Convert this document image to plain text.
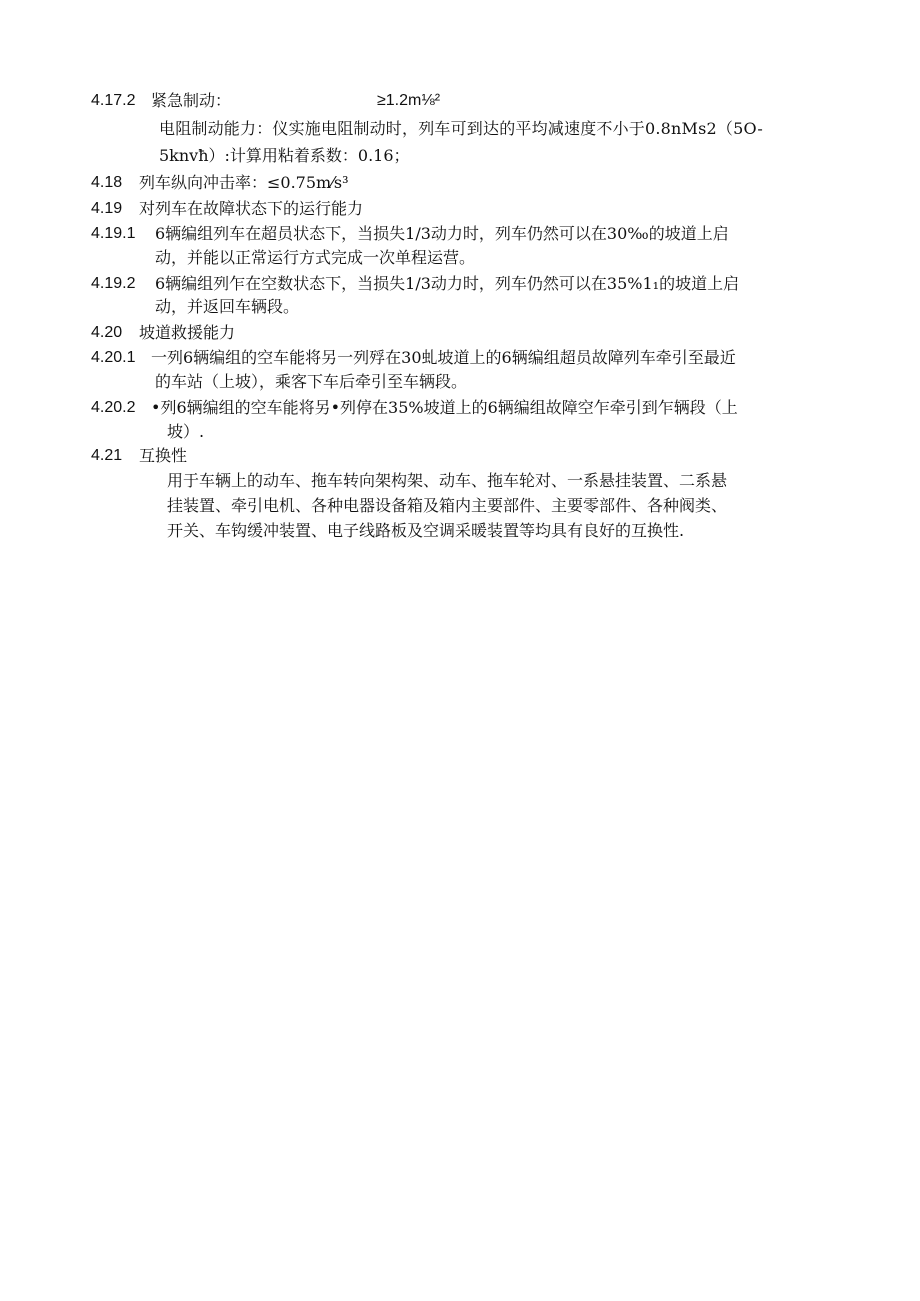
4.17.2 紧急制动：	≥1.2m⅛²
电阻制动能力：仪实施电阻制动时，列车可到达的平均减速度不小于0.8nMs2（5O-
5knvħ）:计算用粘着系数：0.16；
4.18 列车纵向冲击率：≤0.75m⁄s³
4.19 对列车在故障状态下的运行能力
4.19.1 6辆编组列车在超员状态下，当损失1/3动力时，列车仍然可以在30‰的坡道上启
动，并能以正常运行方式完成一次单程运营。
4.19.2 6辆编组列乍在空数状态下，当损失1/3动力时，列车仍然可以在35%1₁的坡道上启
动，并返回车辆段。
4.20 坡道救援能力
4.20.1 一列6辆编组的空车能将另一列殍在30虬坡道上的6辆编组超员故障列车牵引至最近
的车站（上坡），乘客下车后牵引至车辆段。
4.20.2 •列6辆编组的空车能将另•列停在35%坡道上的6辆编组故障空乍牵引到乍辆段（上
坡）.
4.21 互换性
用于车辆上的动车、拖车转向架构架、动车、拖车轮对、一系悬挂装置、二系悬
挂装置、牵引电机、各种电器设备箱及箱内主要部件、主要零部件、各种阀类、
开关、车钩缓冲装置、电子线路板及空调采暖装置等均具有良好的互换性.
